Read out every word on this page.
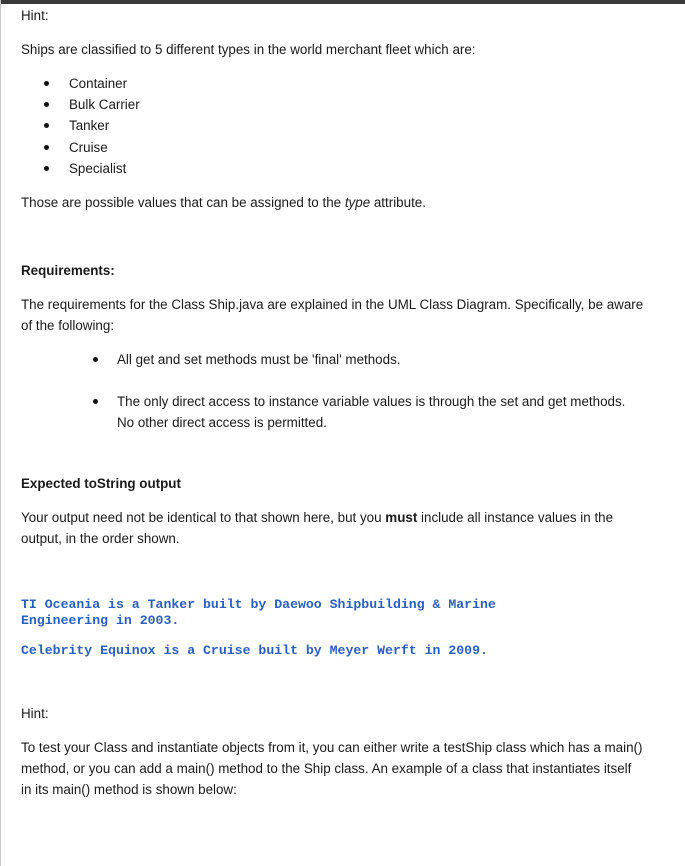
Hint:

Ships are classified to 5 different types in the world merchant fleet which are:

Container

Bulk Carrier

Tanker

Cruise

Specialist

Those are possible values that can be assigned to the type attribute.

Requirements:

The requirements for the Class Ship.java are explained in the UML Class Diagram. Specifically, be aware

of the following:

All get and set methods must be 'final' methods.

The only direct access to instance variable values is through the set and get methods.

No other direct access is permitted.

Expected toString output

Your output need not be identical to that shown here, but you must include all instance values in the

output, in the order shown.

TI Oceania is a Tanker built by Daewoo Shipbuilding & Marine

Engineering in 2003.

Celebrity Equinox is a Cruise built by Meyer Werft in 2009.

Hint:

To test your Class and instantiate objects from it, you can either write a testShip class which has a main()

method, or you can add a main() method to the Ship class. An example of a class that instantiates itself

in its main() method is shown below:
